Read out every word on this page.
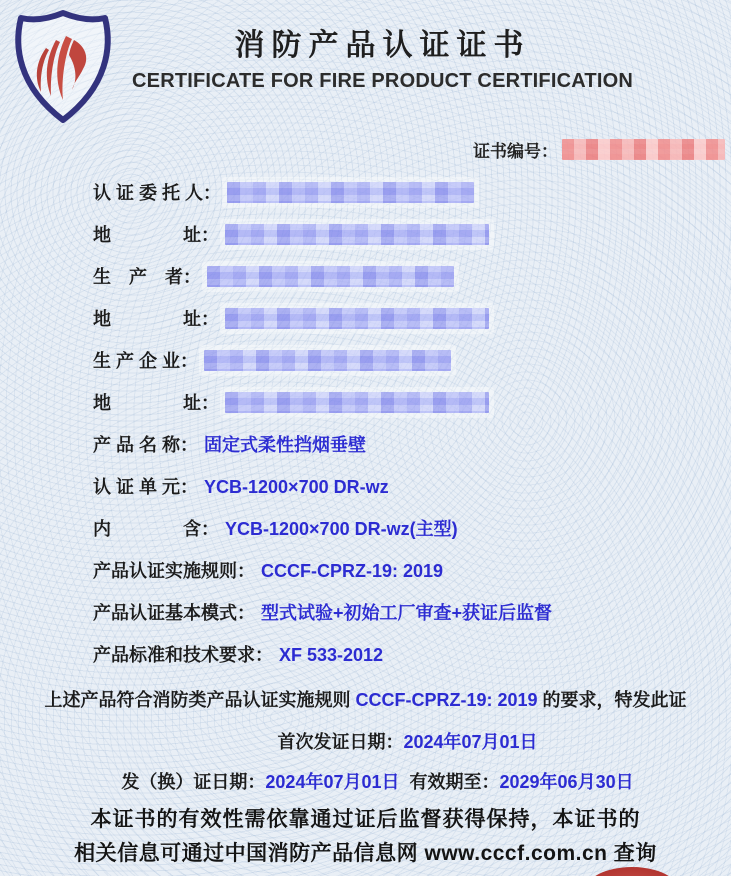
消防产品认证证书
CERTIFICATE FOR FIRE PRODUCT CERTIFICATION
证书编号：
认 证 委 托 人：
地　　　　址：
生　产　者：
地　　　　址：
生 产 企 业：
地　　　　址：
产 品 名 称： 固定式柔性挡烟垂壁
认 证 单 元： YCB-1200×700 DR-wz
内　　　　含： YCB-1200×700 DR-wz(主型)
产品认证实施规则： CCCF-CPRZ-19: 2019
产品认证基本模式： 型式试验+初始工厂审查+获证后监督
产品标准和技术要求： XF 533-2012
上述产品符合消防类产品认证实施规则 CCCF-CPRZ-19: 2019 的要求，特发此证
首次发证日期：2024年07月01日
发（换）证日期：2024年07月01日 有效期至：2029年06月30日
本证书的有效性需依靠通过证后监督获得保持，本证书的
相关信息可通过中国消防产品信息网 www.cccf.com.cn 查询
